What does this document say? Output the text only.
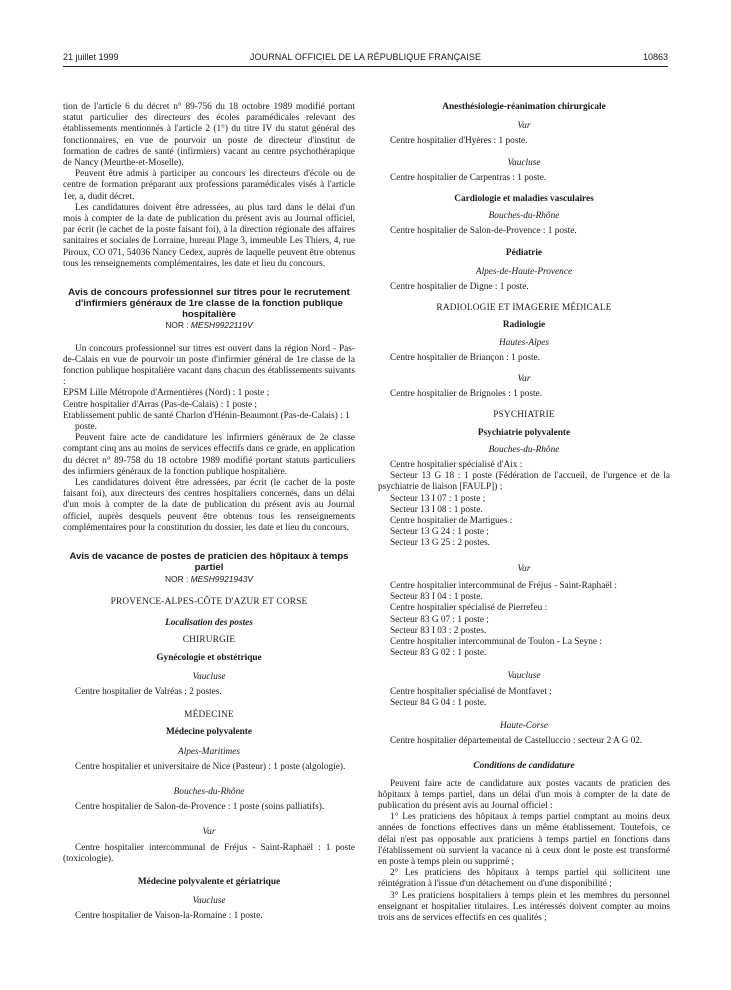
21 juillet 1999	JOURNAL OFFICIEL DE LA RÉPUBLIQUE FRANÇAISE	10863

tion de l'article 6 du décret n° 89-756 du 18 octobre 1989 modifié portant statut particulier des directeurs des écoles paramédicales relevant des établissements mentionnés à l'article 2 (1°) du titre IV du statut général des fonctionnaires, en vue de pourvoir un poste de directeur d'institut de formation de cadres de santé (infirmiers) vacant au centre psychothérapique de Nancy (Meurthe-et-Moselle).

Peuvent être admis à participer au concours les directeurs d'école ou de centre de formation préparant aux professions paramédicales visés à l'article 1er, a, dudit décret.

Les candidatures doivent être adressées, au plus tard dans le délai d'un mois à compter de la date de publication du présent avis au Journal officiel, par écrit (le cachet de la poste faisant foi), à la direction régionale des affaires sanitaires et sociales de Lorraine, bureau Plage 3, immeuble Les Thiers, 4, rue Piroux, CO 071, 54036 Nancy Cedex, auprès de laquelle peuvent être obtenus tous les renseignements complémentaires, les date et lieu du concours.

Avis de concours professionnel sur titres pour le recrutement d'infirmiers généraux de 1re classe de la fonction publique hospitalière

NOR : MESH9922119V

Un concours professionnel sur titres est ouvert dans la région Nord - Pas-de-Calais en vue de pourvoir un poste d'infirmier général de 1re classe de la fonction publique hospitalière vacant dans chacun des établissements suivants :

EPSM Lille Métropole d'Armentières (Nord) : 1 poste ;

Centre hospitalier d'Arras (Pas-de-Calais) : 1 poste ;

Etablissement public de santé Charlon d'Hénin-Beaumont (Pas-de-Calais) : 1 poste.

Peuvent faire acte de candidature les infirmiers généraux de 2e classe comptant cinq ans au moins de services effectifs dans ce grade, en application du décret n° 89-758 du 18 octobre 1989 modifié portant statuts particuliers des infirmiers généraux de la fonction publique hospitalière.

Les candidatures doivent être adressées, par écrit (le cachet de la poste faisant foi), aux directeurs des centres hospitaliers concernés, dans un délai d'un mois à compter de la date de publication du présent avis au Journal officiel, auprès desquels peuvent être obtenus tous les renseignements complémentaires pour la constitution du dossier, les date et lieu du concours.

Avis de vacance de postes de praticien des hôpitaux à temps partiel

NOR : MESH9921943V

PROVENCE-ALPES-CÔTE D'AZUR ET CORSE

Localisation des postes

CHIRURGIE

Gynécologie et obstétrique

Vaucluse

Centre hospitalier de Valréas : 2 postes.

MÉDECINE

Médecine polyvalente

Alpes-Maritimes

Centre hospitalier et universitaire de Nice (Pasteur) : 1 poste (algologie).

Bouches-du-Rhône

Centre hospitalier de Salon-de-Provence : 1 poste (soins palliatifs).

Var

Centre hospitalier intercommunal de Fréjus - Saint-Raphaël : 1 poste (toxicologie).

Médecine polyvalente et gériatrique

Vaucluse

Centre hospitalier de Vaison-la-Romaine : 1 poste.

Anesthésiologie-réanimation chirurgicale

Var

Centre hospitalier d'Hyères : 1 poste.

Vaucluse

Centre hospitalier de Carpentras : 1 poste.

Cardiologie et maladies vasculaires

Bouches-du-Rhône

Centre hospitalier de Salon-de-Provence : 1 poste.

Pédiatrie

Alpes-de-Haute-Provence

Centre hospitalier de Digne : 1 poste.

RADIOLOGIE ET IMAGERIE MÉDICALE

Radiologie

Hautes-Alpes

Centre hospitalier de Briançon : 1 poste.

Var

Centre hospitalier de Brignoles : 1 poste.

PSYCHIATRIE

Psychiatrie polyvalente

Bouches-du-Rhône

Centre hospitalier spécialisé d'Aix :

Secteur 13 G 18 : 1 poste (Fédération de l'accueil, de l'urgence et de la psychiatrie de liaison [FAULP]) ;

Secteur 13 I 07 : 1 poste ;

Secteur 13 I 08 : 1 poste.

Centre hospitalier de Martigues :

Secteur 13 G 24 : 1 poste ;

Secteur 13 G 25 : 2 postes.

Var

Centre hospitalier intercommunal de Fréjus - Saint-Raphaël :

Secteur 83 I 04 : 1 poste.

Centre hospitalier spécialisé de Pierrefeu :

Secteur 83 G 07 : 1 poste ;

Secteur 83 I 03 : 2 postes.

Centre hospitalier intercommunal de Toulon - La Seyne :

Secteur 83 G 02 : 1 poste.

Vaucluse

Centre hospitalier spécialisé de Montfavet :

Secteur 84 G 04 : 1 poste.

Haute-Corse

Centre hospitalier départemental de Castelluccio : secteur 2 A G 02.

Conditions de candidature

Peuvent faire acte de candidature aux postes vacants de praticien des hôpitaux à temps partiel, dans un délai d'un mois à compter de la date de publication du présent avis au Journal officiel :

1° Les praticiens des hôpitaux à temps partiel comptant au moins deux années de fonctions effectives dans un même établissement. Toutefois, ce délai n'est pas opposable aux praticiens à temps partiel en fonctions dans l'établissement où survient la vacance ni à ceux dont le poste est transformé en poste à temps plein ou supprimé ;

2° Les praticiens des hôpitaux à temps partiel qui sollicitent une réintégration à l'issue d'un détachement ou d'une disponibilité ;

3° Les praticiens hospitaliers à temps plein et les membres du personnel enseignant et hospitalier titulaires. Les intéressés doivent compter au moins trois ans de services effectifs en ces qualités ;
